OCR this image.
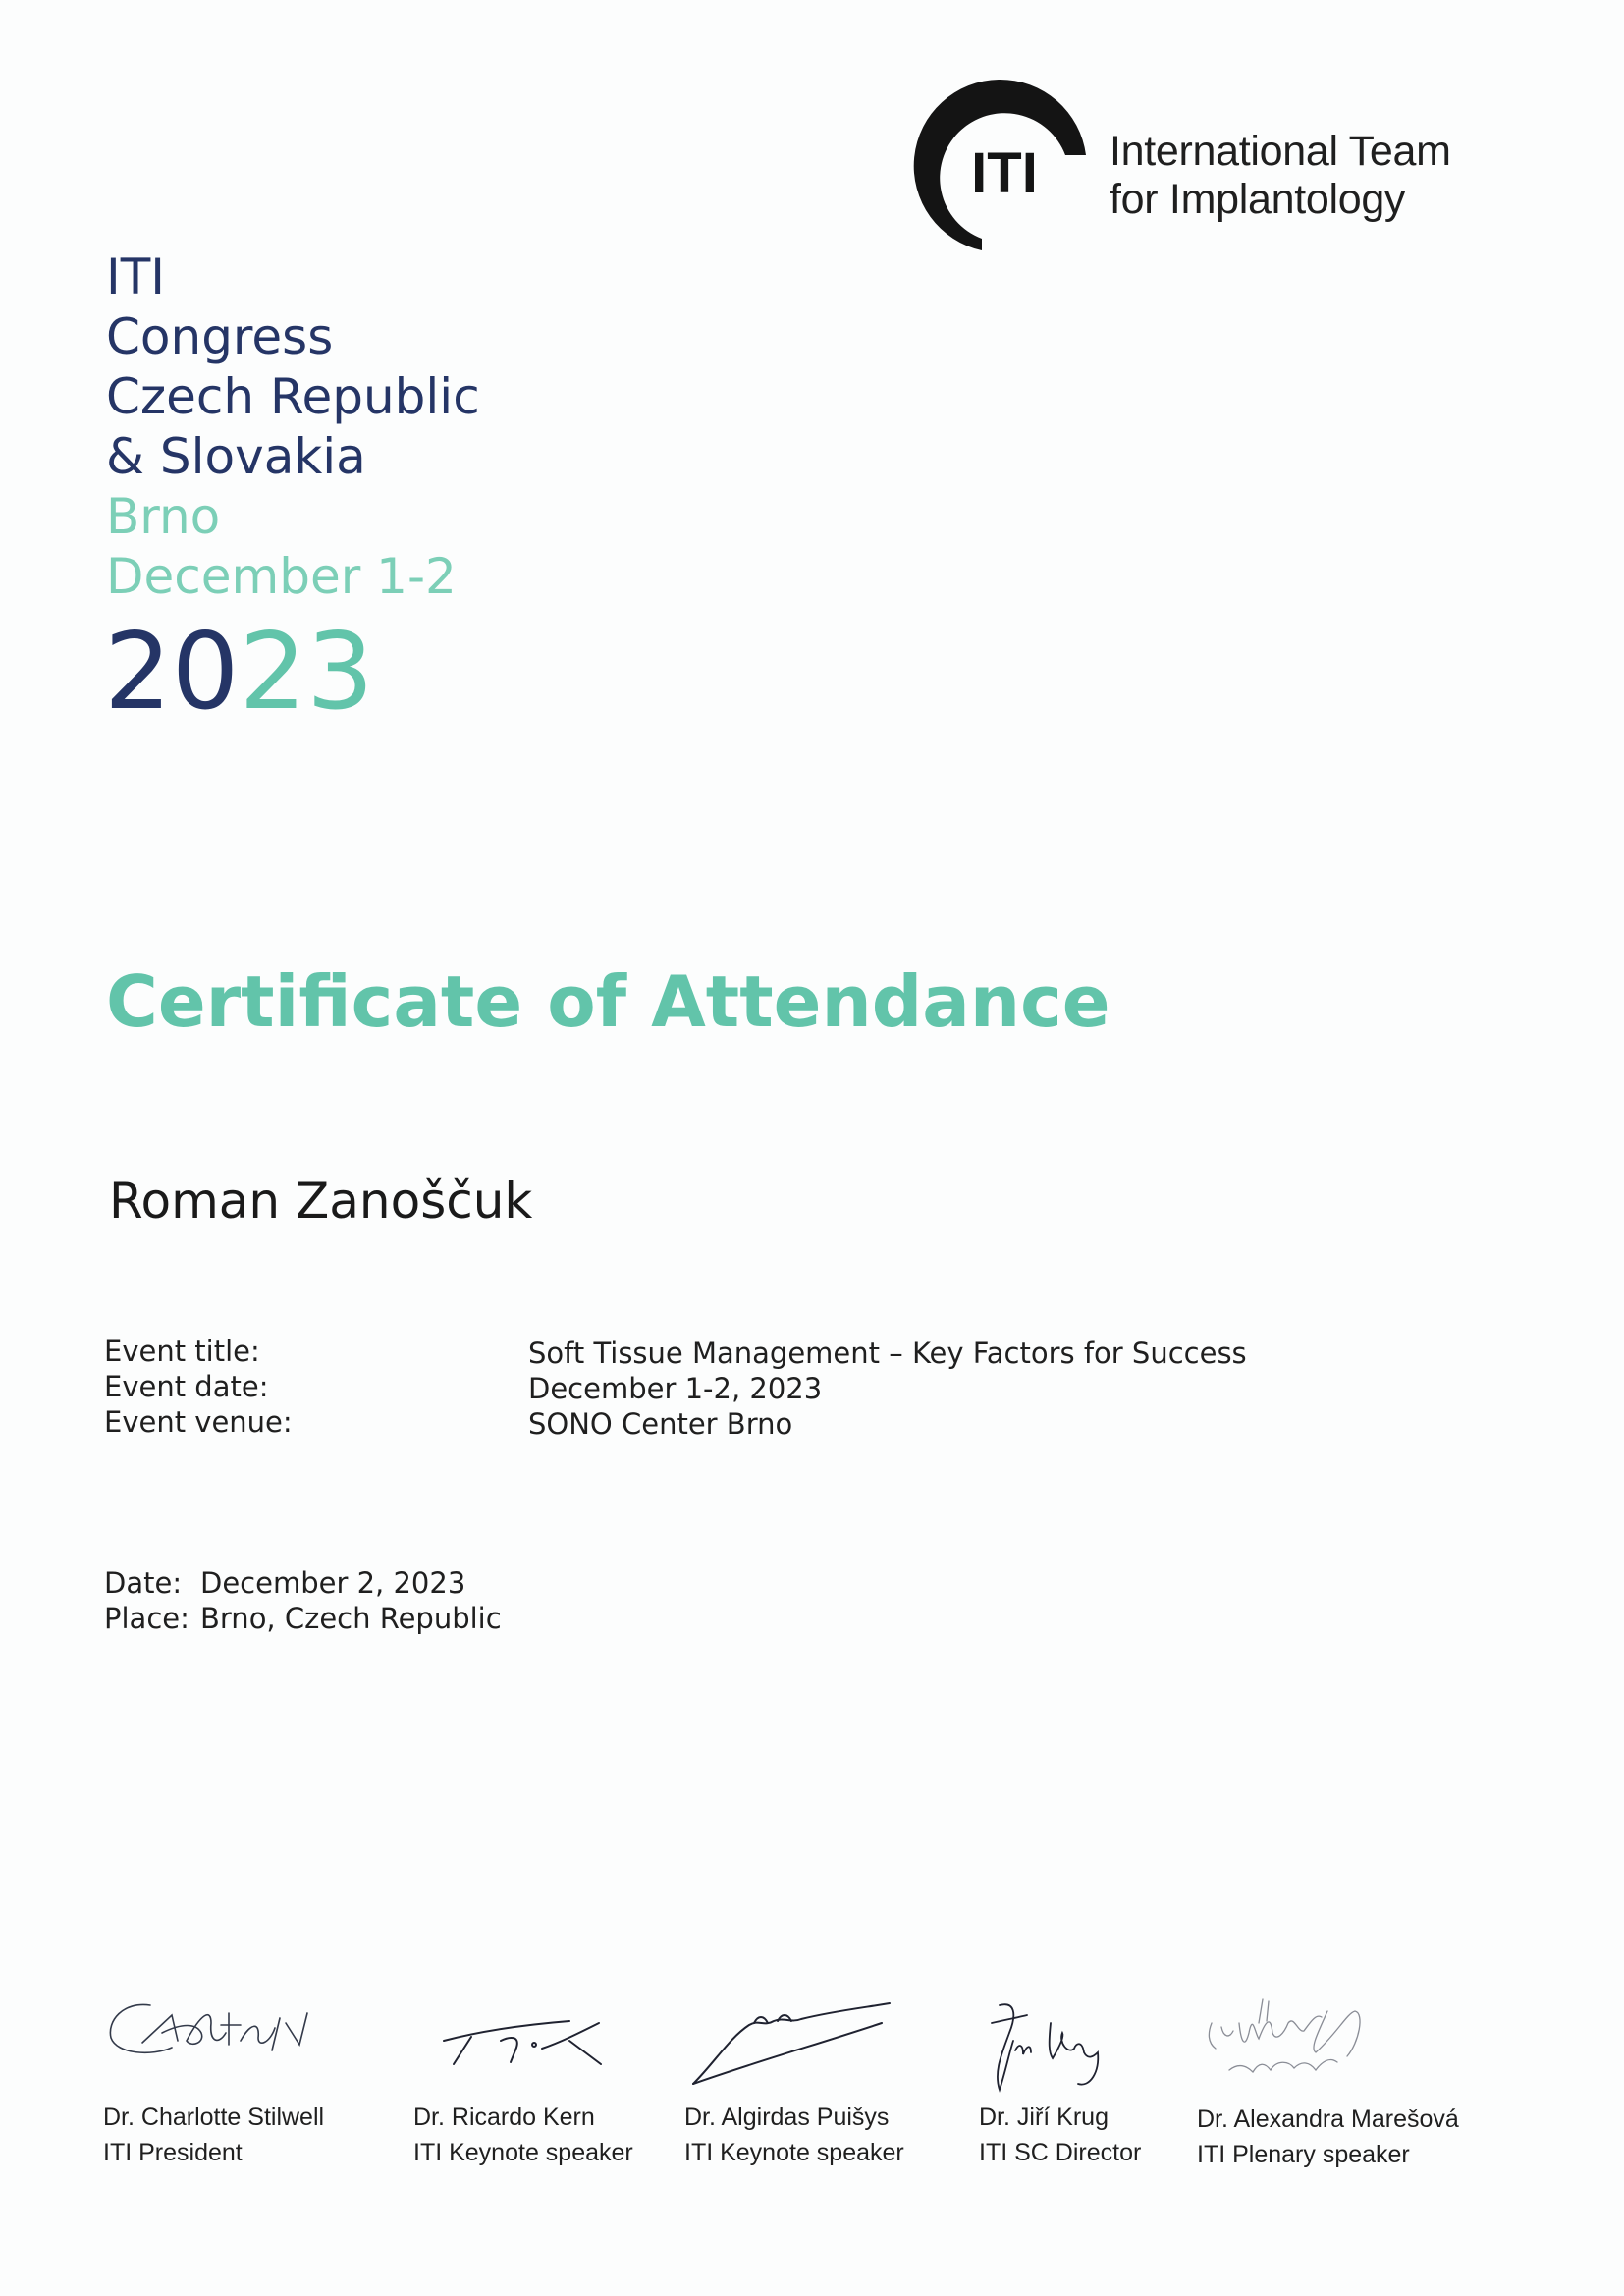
ITI International Team
for Implantology
ITI
Congress
Czech Republic
& Slovakia
Brno
December 1-2
2023
Certificate of Attendance
Roman Zanoščuk
Event title:
Event date:
Event venue:
Soft Tissue Management – Key Factors for Success
December 1-2, 2023
SONO Center Brno
Date: December 2, 2023
Place: Brno, Czech Republic
Dr. Charlotte Stilwell
ITI President
Dr. Ricardo Kern
ITI Keynote speaker
Dr. Algirdas Puišys
ITI Keynote speaker
Dr. Jiří Krug
ITI SC Director
Dr. Alexandra Marešová
ITI Plenary speaker
